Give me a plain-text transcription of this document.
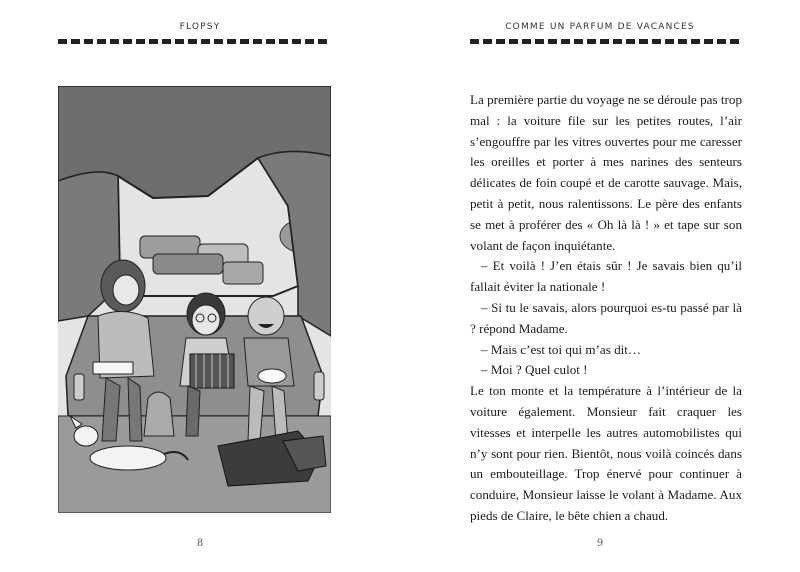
FLOPSY
8
COMME UN PARFUM DE VACANCES

La première partie du voyage ne se déroule pas trop mal : la voiture file sur les petites routes, l’air s’engouffre par les vitres ouvertes pour me caresser les oreilles et porter à mes narines des senteurs délicates de foin coupé et de carotte sauvage. Mais, petit à petit, nous ralentissons. Le père des enfants se met à proférer des « Oh là là ! » et tape sur son volant de façon inquiétante.

– Et voilà ! J’en étais sûr ! Je savais bien qu’il fallait éviter la nationale !

– Si tu le savais, alors pourquoi es-tu passé par là ? répond Madame.

– Mais c’est toi qui m’as dit…

– Moi ? Quel culot !

Le ton monte et la température à l’intérieur de la voiture également. Monsieur fait craquer les vitesses et interpelle les autres automobilistes qui n’y sont pour rien. Bientôt, nous voilà coincés dans un embouteillage. Trop énervé pour continuer à conduire, Monsieur laisse le volant à Madame. Aux pieds de Claire, le bête chien a chaud.

9
